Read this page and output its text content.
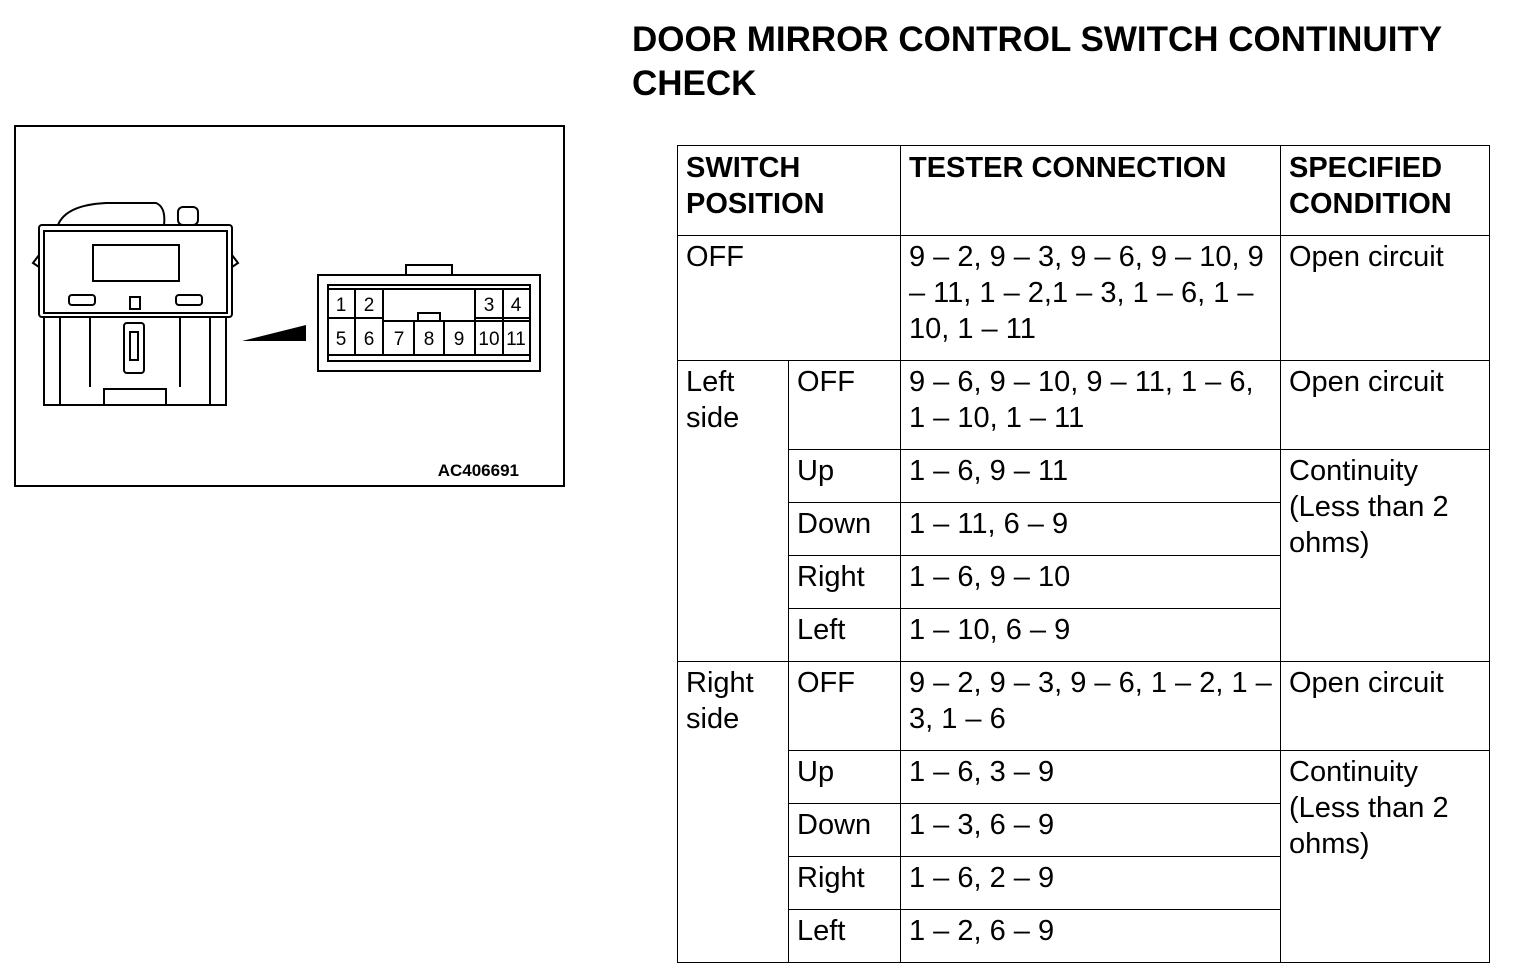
DOOR MIRROR CONTROL SWITCH CONTINUITY CHECK
1 2	3 4
5 6 7 8 9 10 11
AC406691
SWITCH POSITION		TESTER CONNECTION	SPECIFIED CONDITION
OFF		9 – 2, 9 – 3, 9 – 6, 9 – 10, 9 – 11, 1 – 2,1 – 3, 1 – 6, 1 –10, 1 – 11	Open circuit
Left side	OFF	9 – 6, 9 – 10, 9 – 11, 1 – 6, 1 – 10, 1 – 11	Open circuit
	Up	1 – 6, 9 – 11	Continuity (Less than 2 ohms)
	Down	1 – 11, 6 – 9	
	Right	1 – 6, 9 – 10	
	Left	1 – 10, 6 – 9	
Right side	OFF	9 – 2, 9 – 3, 9 – 6, 1 – 2, 1 – 3, 1 – 6	Open circuit
	Up	1 – 6, 3 – 9	Continuity (Less than 2 ohms)
	Down	1 – 3, 6 – 9	
	Right	1 – 6, 2 – 9	
	Left	1 – 2, 6 – 9	
